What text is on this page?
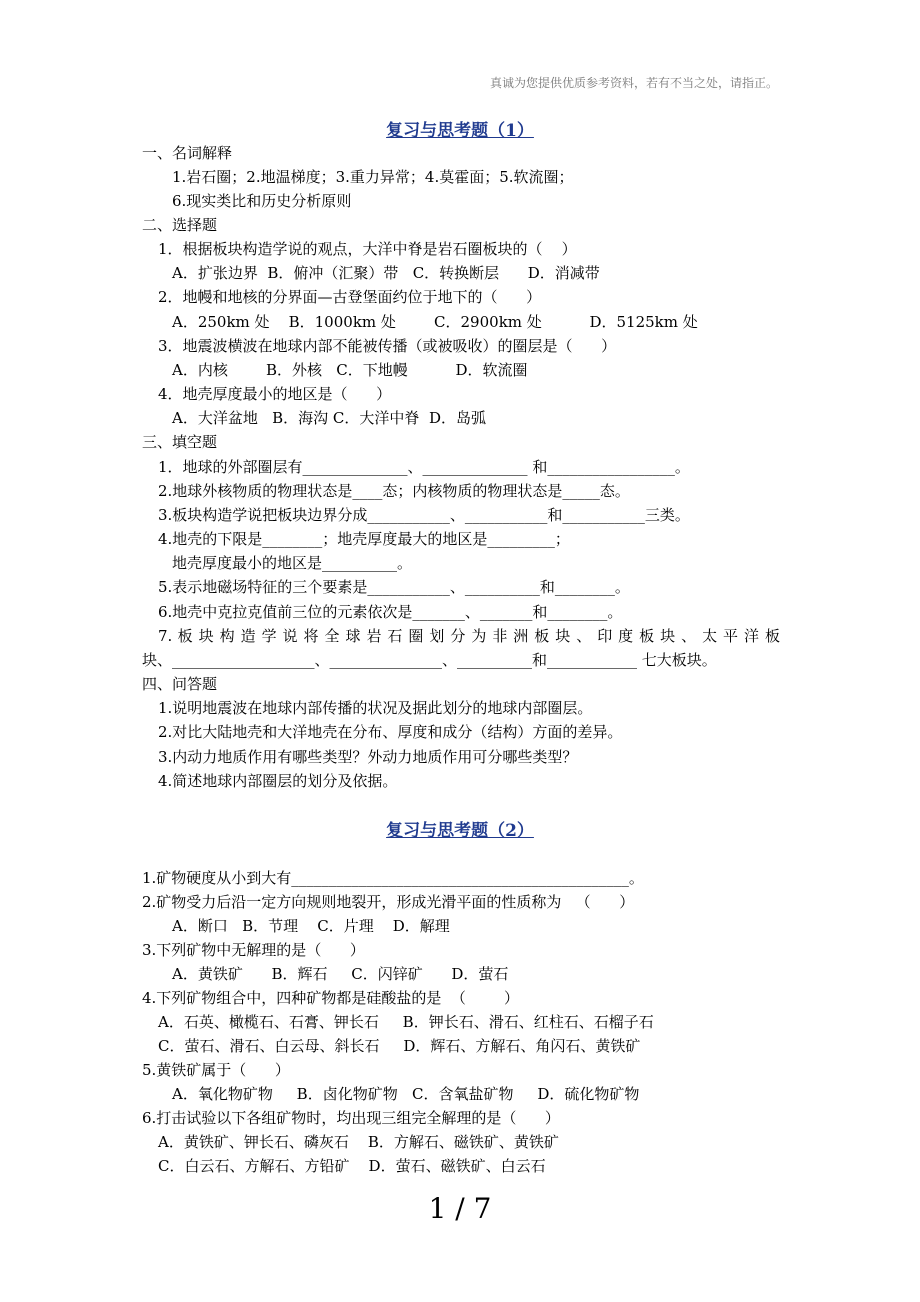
真诚为您提供优质参考资料，若有不当之处，请指正。
复习与思考题（1）
一、名词解释
1.岩石圈；2.地温梯度；3.重力异常；4.莫霍面；5.软流圈；
6.现实类比和历史分析原则
二、选择题
1．根据板块构造学说的观点，大洋中脊是岩石圈板块的（    ）
A．扩张边界  B．俯冲（汇聚）带   C．转换断层      D．消减带
2．地幔和地核的分界面—古登堡面约位于地下的（      ）
A．250km 处    B．1000km 处        C．2900km 处          D．5125km 处
3．地震波横波在地球内部不能被传播（或被吸收）的圈层是（      ）
A．内核        B．外核   C．下地幔          D．软流圈
4．地壳厚度最小的地区是（      ）
A．大洋盆地   B．海沟 C．大洋中脊  D．岛弧
三、填空题
1．地球的外部圈层有______________、______________ 和_________________。
2.地球外核物质的物理状态是____态；内核物质的物理状态是_____态。
3.板块构造学说把板块边界分成___________、___________和___________三类。
4.地壳的下限是________；地壳厚度最大的地区是_________；
地壳厚度最小的地区是__________。
5.表示地磁场特征的三个要素是___________、__________和________。
6.地壳中克拉克值前三位的元素依次是_______、_______和________。
7. 板 块 构 造 学 说 将 全 球 岩 石 圈 划 分 为 非 洲 板 块 、 印 度 板 块 、 太 平 洋 板
块、___________________、_______________、__________和____________ 七大板块。
四、问答题
1.说明地震波在地球内部传播的状况及据此划分的地球内部圈层。
2.对比大陆地壳和大洋地壳在分布、厚度和成分（结构）方面的差异。
3.内动力地质作用有哪些类型？外动力地质作用可分哪些类型？
4.简述地球内部圈层的划分及依据。
复习与思考题（2）
1.矿物硬度从小到大有_____________________________________________。
2.矿物受力后沿一定方向规则地裂开，形成光滑平面的性质称为   （      ）
A．断口   B．节理    C．片理    D．解理
3.下列矿物中无解理的是（      ）
A．黄铁矿      B．辉石     C．闪锌矿      D．萤石
4.下列矿物组合中，四种矿物都是硅酸盐的是  （        ）
A．石英、橄榄石、石膏、钾长石     B．钾长石、滑石、红柱石、石榴子石
C．萤石、滑石、白云母、斜长石     D．辉石、方解石、角闪石、黄铁矿
5.黄铁矿属于（      ）
A．氧化物矿物     B．卤化物矿物   C．含氧盐矿物     D．硫化物矿物
6.打击试验以下各组矿物时，均出现三组完全解理的是（      ）
A．黄铁矿、钾长石、磷灰石    B．方解石、磁铁矿、黄铁矿
C．白云石、方解石、方铅矿    D．萤石、磁铁矿、白云石
1 / 7
